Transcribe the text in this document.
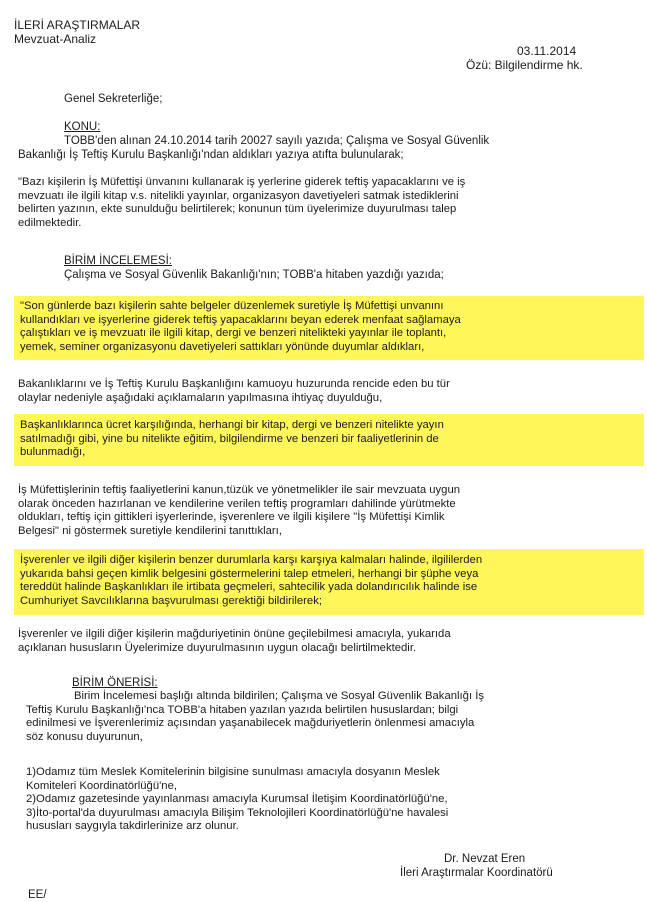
İLERİ ARAŞTIRMALAR
Mevzuat-Analiz
03.11.2014
Özü: Bilgilendirme hk.
Genel Sekreterliğe;
KONU:
TOBB'den alınan 24.10.2014 tarih 20027 sayılı yazıda; Çalışma ve Sosyal Güvenlik
Bakanlığı İş Teftiş Kurulu Başkanlığı'ndan aldıkları yazıya atıfta bulunularak;
"Bazı kişilerin İş Müfettişi ünvanını kullanarak iş yerlerine giderek teftiş yapacaklarını ve iş
mevzuatı ile ilgili kitap v.s. nitelikli yayınlar, organizasyon davetiyeleri satmak istediklerini
belirten yazının, ekte sunulduğu belirtilerek; konunun tüm üyelerimize duyurulması talep
edilmektedir.
BİRİM İNCELEMESİ:
Çalışma ve Sosyal Güvenlik Bakanlığı'nın; TOBB'a hitaben yazdığı yazıda;
"Son günlerde bazı kişilerin sahte belgeler düzenlemek suretiyle İş Müfettişi unvanını
kullandıkları ve işyerlerine giderek teftiş yapacaklarını beyan ederek menfaat sağlamaya
çalıştıkları ve iş mevzuatı ile ilgili kitap, dergi ve benzeri nitelikteki yayınlar ile toplantı,
yemek, seminer organizasyonu davetiyeleri sattıkları yönünde duyumlar aldıkları,
Bakanlıklarını ve İş Teftiş Kurulu Başkanlığını kamuoyu huzurunda rencide eden bu tür
olaylar nedeniyle aşağıdaki açıklamaların yapılmasına ihtiyaç duyulduğu,
Başkanlıklarınca ücret karşılığında, herhangi bir kitap, dergi ve benzeri nitelikte yayın
satılmadığı gibi, yine bu nitelikte eğitim, bilgilendirme ve benzeri bir faaliyetlerinin de
bulunmadığı,
İş Müfettişlerinin teftiş faaliyetlerini kanun,tüzük ve yönetmelikler ile sair mevzuata uygun
olarak önceden hazırlanan ve kendilerine verilen teftiş programları dahilinde yürütmekte
oldukları, teftiş için gittikleri işyerlerinde, işverenlere ve ilgili kişilere "İş Müfettişi Kimlik
Belgesi" ni göstermek suretiyle kendilerini tanıttıkları,
İşverenler ve ilgili diğer kişilerin benzer durumlarla karşı karşıya kalmaları halinde, ilgililerden
yukarıda bahsi geçen kimlik belgesini göstermelerini talep etmeleri, herhangi bir şüphe veya
tereddüt halinde Başkanlıkları ile irtibata geçmeleri, sahtecilik yada dolandırıcılık halinde ise
Cumhuriyet Savcılıklarına başvurulması gerektiği bildirilerek;
İşverenler ve ilgili diğer kişilerin mağduriyetinin önüne geçilebilmesi amacıyla, yukarıda
açıklanan hususların Üyelerimize duyurulmasının uygun olacağı belirtilmektedir.
BİRİM ÖNERİSİ:
Birim İncelemesi başlığı altında bildirilen; Çalışma ve Sosyal Güvenlik Bakanlığı İş
Teftiş Kurulu Başkanlığı'nca TOBB'a hitaben yazılan yazıda belirtilen hususlardan; bilgi
edinilmesi ve İşverenlerimiz açısından yaşanabilecek mağduriyetlerin önlenmesi amacıyla
söz konusu duyurunun,
1)Odamız tüm Meslek Komitelerinin bilgisine sunulması amacıyla dosyanın Meslek
Komiteleri Koordinatörlüğü'ne,
2)Odamız gazetesinde yayınlanması amacıyla Kurumsal İletişim Koordinatörlüğü'ne,
3)İto-portal'da duyurulması amacıyla Bilişim Teknolojileri Koordinatörlüğü'ne havalesi
hususları saygıyla takdirlerinize arz olunur.
Dr. Nevzat Eren
İleri Araştırmalar Koordinatörü
EE/
